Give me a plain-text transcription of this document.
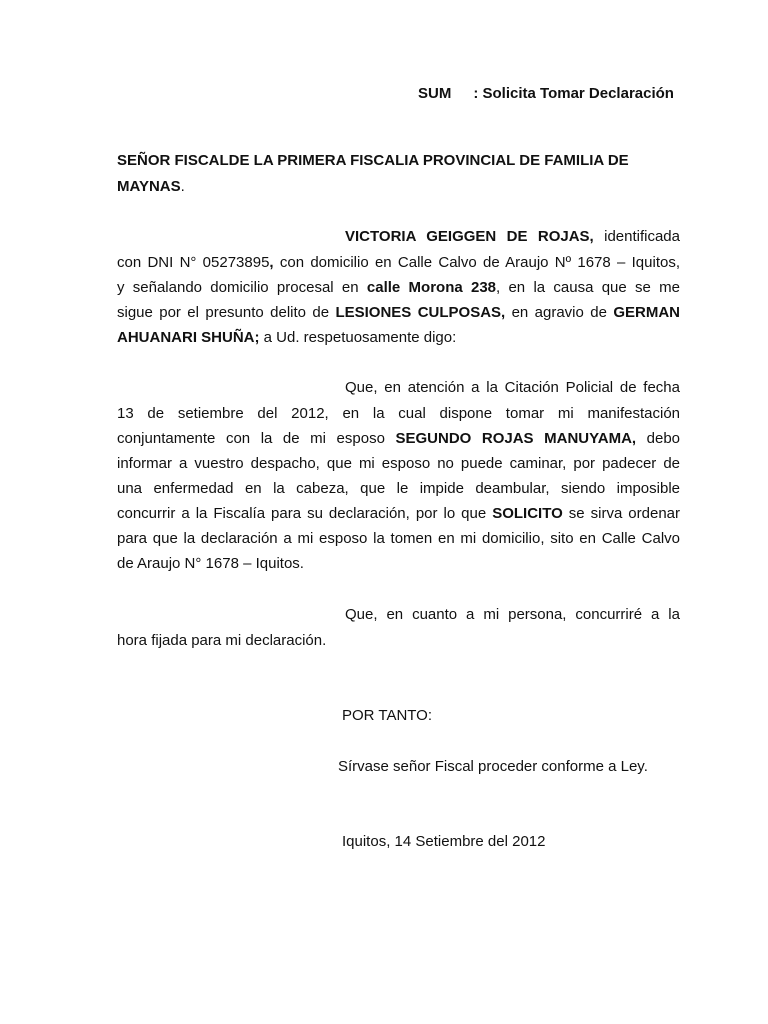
SUM : Solicita Tomar Declaración
SEÑOR FISCALDE LA PRIMERA FISCALIA PROVINCIAL DE FAMILIA DE
MAYNAS.
VICTORIA GEIGGEN DE ROJAS, identificada
con DNI N° 05273895, con domicilio en Calle Calvo de Araujo Nº 1678 – Iquitos,
y señalando domicilio procesal en calle Morona 238, en la causa que se me
sigue por el presunto delito de LESIONES CULPOSAS, en agravio de GERMAN
AHUANARI SHUÑA; a Ud. respetuosamente digo:
Que, en atención a la Citación Policial de fecha
13 de setiembre del 2012, en la cual dispone tomar mi manifestación
conjuntamente con la de mi esposo SEGUNDO ROJAS MANUYAMA, debo
informar a vuestro despacho, que mi esposo no puede caminar, por padecer de
una enfermedad en la cabeza, que le impide deambular, siendo imposible
concurrir a la Fiscalía para su declaración, por lo que SOLICITO se sirva ordenar
para que la declaración a mi esposo la tomen en mi domicilio, sito en Calle Calvo
de Araujo N° 1678 – Iquitos.
Que, en cuanto a mi persona, concurriré a la
hora fijada para mi declaración.
POR TANTO:
Sírvase señor Fiscal proceder conforme a Ley.
Iquitos, 14 Setiembre del 2012
